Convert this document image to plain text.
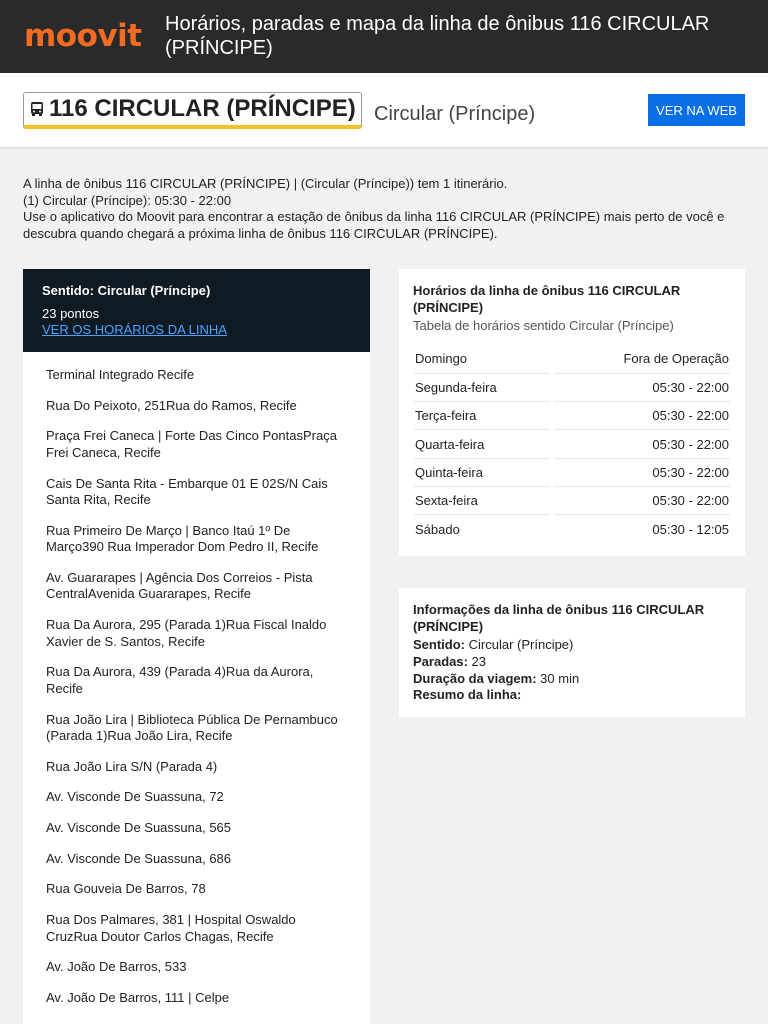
moovit Horários, paradas e mapa da linha de ônibus 116 CIRCULAR (PRÍNCIPE)
116 CIRCULAR (PRÍNCIPE) Circular (Príncipe)	VER NA WEB

A linha de ônibus 116 CIRCULAR (PRÍNCIPE) | (Circular (Príncipe)) tem 1 itinerário.

(1) Circular (Príncipe): 05:30 - 22:00

Use o aplicativo do Moovit para encontrar a estação de ônibus da linha 116 CIRCULAR (PRÍNCIPE) mais perto de você e descubra quando chegará a próxima linha de ônibus 116 CIRCULAR (PRÍNCIPE).

Sentido: Circular (Príncipe)
23 pontos
VER OS HORÁRIOS DA LINHA
Terminal Integrado Recife
Rua Do Peixoto, 251Rua do Ramos, Recife
Praça Frei Caneca | Forte Das Cinco PontasPraça Frei Caneca, Recife
Cais De Santa Rita - Embarque 01 E 02S/N Cais Santa Rita, Recife
Rua Primeiro De Março | Banco Itaú 1º De Março390 Rua Imperador Dom Pedro II, Recife
Av. Guararapes | Agência Dos Correios - Pista CentralAvenida Guararapes, Recife
Rua Da Aurora, 295 (Parada 1)Rua Fiscal Inaldo Xavier de S. Santos, Recife
Rua Da Aurora, 439 (Parada 4)Rua da Aurora, Recife
Rua João Lira | Biblioteca Pública De Pernambuco (Parada 1)Rua João Lira, Recife
Rua João Lira S/N (Parada 4)
Av. Visconde De Suassuna, 72
Av. Visconde De Suassuna, 565
Av. Visconde De Suassuna, 686
Rua Gouveia De Barros, 78
Rua Dos Palmares, 381 | Hospital Oswaldo CruzRua Doutor Carlos Chagas, Recife
Av. João De Barros, 533
Av. João De Barros, 111 | Celpe
Horários da linha de ônibus 116 CIRCULAR (PRÍNCIPE)
Tabela de horários sentido Circular (Príncipe)
Domingo		Fora de Operação
Segunda-feira		05:30 - 22:00
Terça-feira		05:30 - 22:00
Quarta-feira		05:30 - 22:00
Quinta-feira		05:30 - 22:00
Sexta-feira		05:30 - 22:00
Sábado		05:30 - 12:05
Informações da linha de ônibus 116 CIRCULAR (PRÍNCIPE)
Sentido: Circular (Príncipe)
Paradas: 23
Duração da viagem: 30 min
Resumo da linha:
